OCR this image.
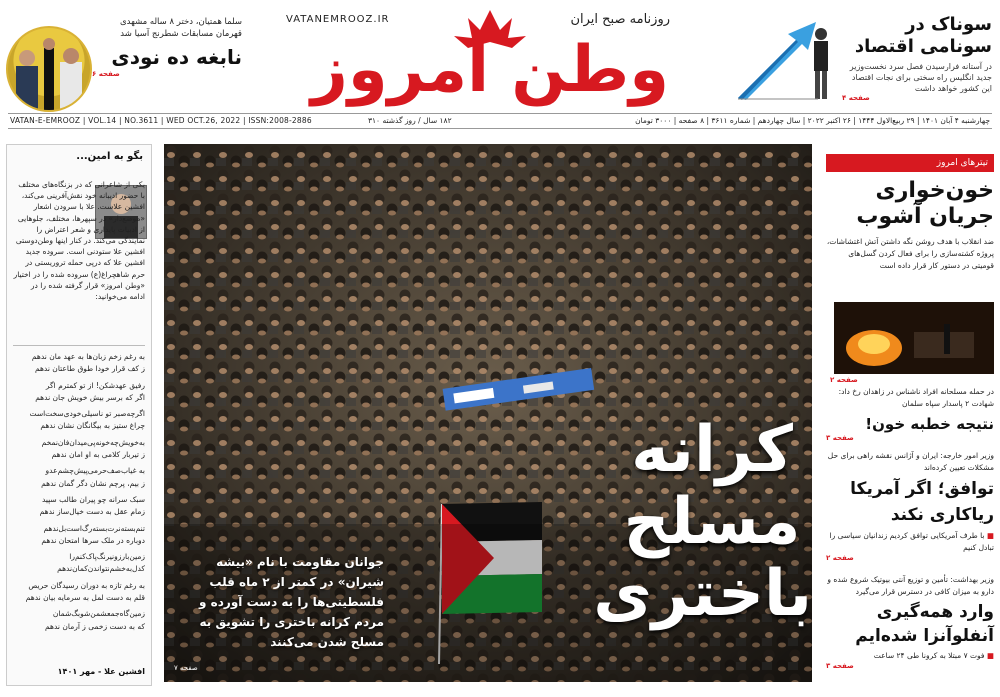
سوناک در سونامی اقتصاد
در آستانه فرارسیدن فصل سرد نخست‌وزیر جدید انگلیس راه سختی برای نجات اقتصاد این کشور خواهد داشت
صفحه ۴
وطن امروز
روزنامه صبح ایران
VATANEMROOZ.IR
سلما همتیان، دختر ۸ ساله مشهدی قهرمان مسابقات شطرنج آسیا شد
نابغه ده نودی
صفحه ۶
VATAN-E-EMROOZ | VOL.14 | NO.3611 | WED OCT.26, 2022 | ISSN:2008-2886	۱۸۲ سال / روز گذشته ۳۱۰	چهارشنبه ۴ آبان ۱۴۰۱ | ۲۹ ربیع‌الاول ۱۴۴۴ | ۲۶ اکتبر ۲۰۲۲ | سال چهاردهم | شماره ۳۶۱۱ | ۸ صفحه | ۳۰۰۰ تومان
بگو به امین...
یکی از شاعرانی که در بزنگاه‌های مختلف با حضور ادیبانه خود نقش‌آفرینی می‌کند، افشین علاست. علا با سرودن اشعار «موضع‌دار» در سپهرها، مختلف، جلوهایی از ادبیات پایداری و شعر اعتراض را نمایندگی می‌کند. در کنار اینها وطن‌دوستی افشین علا ستودنی است. سروده جدید افشین علا که درپی حمله تروریستی در حرم شاهچراغ(ع) سروده شده را در اختیار «وطن امروز» قرار گرفته شده را در ادامه می‌خوانید:
به رغم زخم زبان‌ها به عهد مان ندهم
ز کف قرار خودا طوق طاعتان ندهم
رفیق عهدشکن! از تو کمترم اگر
اگر که برسر بیش خویش جان ندهم
اگرچه‌صبر تو ناسیلی‌خودی‌سخت‌است
چراغ ستیز به بیگانگان نشان ندهم
به‌خویش‌چه‌خونه‌پی‌میدان‌فان‌نمخم
ز تیربار کلامی به او امان ندهم
به غیاب‌صف‌حرمی‌پیش‌چشم‌عدو
ز بیم، پرچم نشان دگر گمان ندهم
سبک سرانه چو پیران طالب سپید
زمام عقل به دست خیال‌ساز ندهم
تنم‌بسته‌نرت‌بسته‌رگ‌است‌بل‌ندهم
دوباره در ملک سرها امتحان ندهم
زمین‌بار‌ز‌ونیرنگ‌پاک‌کنم‌را
کدل‌به‌خشم‌نتواندن‌کمان‌ندهم
به رغم تازه به دوران رسیدگان حریص
قلم به دست لمل به سرمایه بیان ندهم
زمین‌گاه‌جمعشمن‌شوبگ‌شمان
که به دست زخمی ز آرمان ندهم
افشین علا - مهر ۱۴۰۱
کرانه مسلح باختری
جوانان مقاومت با نام «بیشه شیران» در کمتر از ۲ ماه قلب فلسطینی‌ها را به دست آورده و مردم کرانه باختری را تشویق به مسلح شدن می‌کنند
صفحه ۷
تیترهای امروز
خون‌خواری جریان آشوب
ضد انقلاب با هدف روشن نگه داشتن آتش اغتشاشات، پروژه کشته‌سازی را برای فعال کردن گسل‌های قومیتی در دستور کار قرار داده است
صفحه ۲
در حمله مسلحانه افراد ناشناس در زاهدان رخ داد: شهادت ۲ پاسدار سپاه سلمان
نتیجه خطبه خون!
صفحه ۳
وزیر امور خارجه: ایران و آژانس نقشه راهی برای حل مشکلات تعیین کرده‌اند
توافق؛ اگر آمریکا ریاکاری نکند
■ با طرف آمریکایی توافق کردیم زندانیان سیاسی را تبادل کنیم
صفحه ۲
وزیر بهداشت: تأمین و توزیع آنتی بیوتیک شروع شده و دارو به میزان کافی در دسترس قرار می‌گیرد
وارد همه‌گیری آنفلوآنزا شده‌ایم
■ فوت ۷ مبتلا به کرونا طی ۲۴ ساعت
صفحه ۳
